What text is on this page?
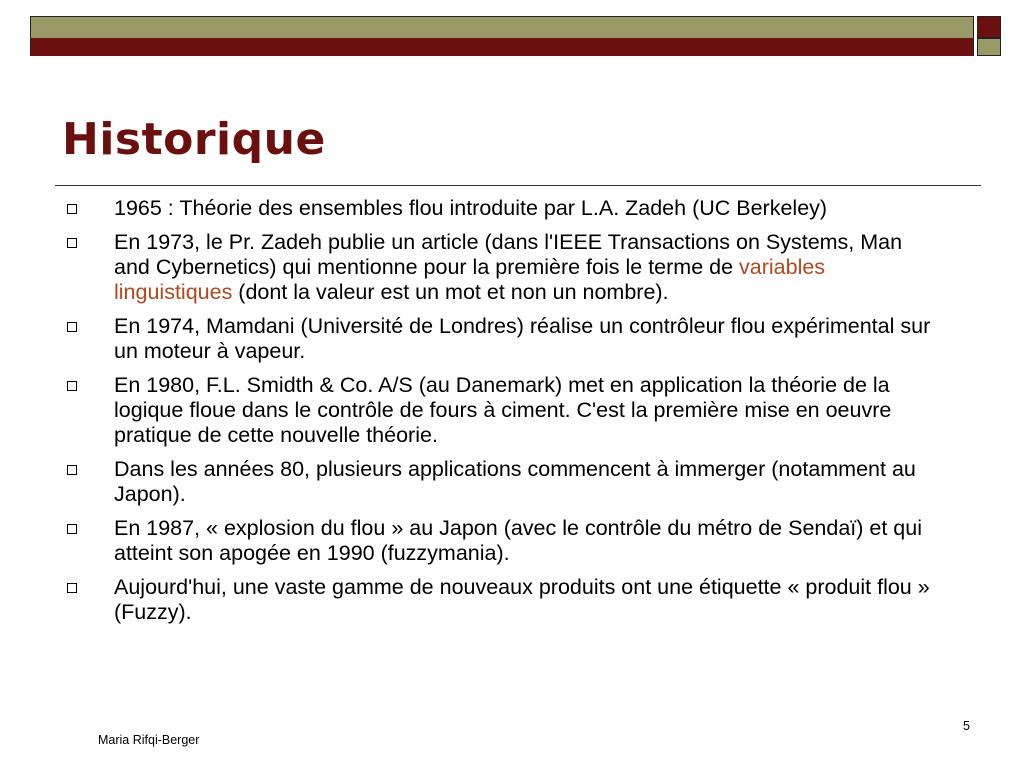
Historique
1965 : Théorie des ensembles flou introduite par L.A. Zadeh (UC Berkeley)
En 1973, le Pr. Zadeh publie un article (dans l'IEEE Transactions on Systems, Man and Cybernetics) qui mentionne pour la première fois le terme de variables linguistiques (dont la valeur est un mot et non un nombre).
En 1974, Mamdani (Université de Londres) réalise un contrôleur flou expérimental sur un moteur à vapeur.
En 1980, F.L. Smidth & Co. A/S (au Danemark) met en application la théorie de la logique floue dans le contrôle de fours à ciment. C'est la première mise en oeuvre pratique de cette nouvelle théorie.
Dans les années 80, plusieurs applications commencent à immerger (notamment au Japon).
En 1987, « explosion du flou » au Japon (avec le contrôle du métro de Sendaï) et qui atteint son apogée en 1990 (fuzzymania).
Aujourd'hui, une vaste gamme de nouveaux produits ont une étiquette « produit flou » (Fuzzy).
Maria Rifqi-Berger
5
